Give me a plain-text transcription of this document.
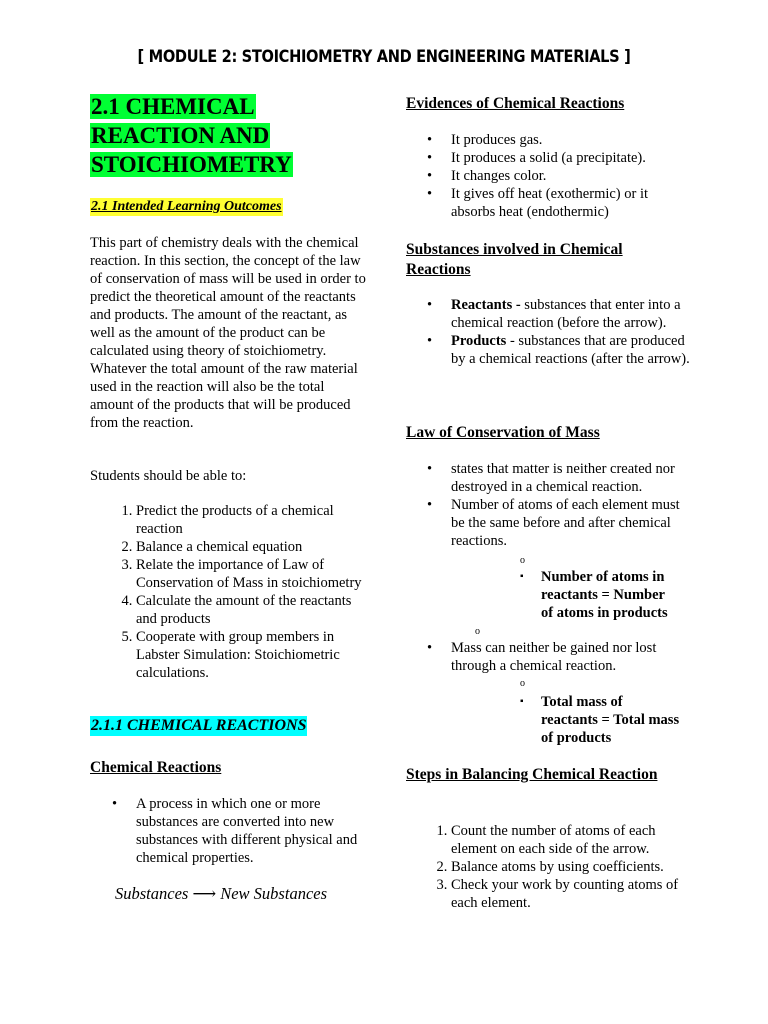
[ MODULE 2: STOICHIOMETRY AND ENGINEERING MATERIALS ]
2.1 CHEMICAL
REACTION AND
STOICHIOMETRY
2.1 Intended Learning Outcomes

This part of chemistry deals with the chemical reaction. In this section, the concept of the law of conservation of mass will be used in order to predict the theoretical amount of the reactants and products. The amount of the reactant, as well as the amount of the product can be calculated using theory of stoichiometry. Whatever the total amount of the raw material used in the reaction will also be the total amount of the products that will be produced from the reaction.

Students should be able to:

1. Predict the products of a chemical reaction
2. Balance a chemical equation
3. Relate the importance of Law of Conservation of Mass in stoichiometry
4. Calculate the amount of the reactants and products
5. Cooperate with group members in Labster Simulation: Stoichiometric calculations.
2.1.1 CHEMICAL REACTIONS
Chemical Reactions
• A process in which one or more substances are converted into new substances with different physical and chemical properties.
Substances ⟶ New Substances
Evidences of Chemical Reactions
• It produces gas.
• It produces a solid (a precipitate).
• It changes color.
• It gives off heat (exothermic) or it absorbs heat (endothermic)
Substances involved in Chemical Reactions
• Reactants - substances that enter into a chemical reaction (before the arrow).
• Products - substances that are produced by a chemical reactions (after the arrow).
Law of Conservation of Mass
• states that matter is neither created nor destroyed in a chemical reaction.
• Number of atoms of each element must be the same before and after chemical reactions.
o
▪ Number of atoms in reactants = Number of atoms in products
o
• Mass can neither be gained nor lost through a chemical reaction.
o
▪ Total mass of reactants = Total mass of products
Steps in Balancing Chemical Reaction
1. Count the number of atoms of each element on each side of the arrow.
2. Balance atoms by using coefficients.
3. Check your work by counting atoms of each element.
